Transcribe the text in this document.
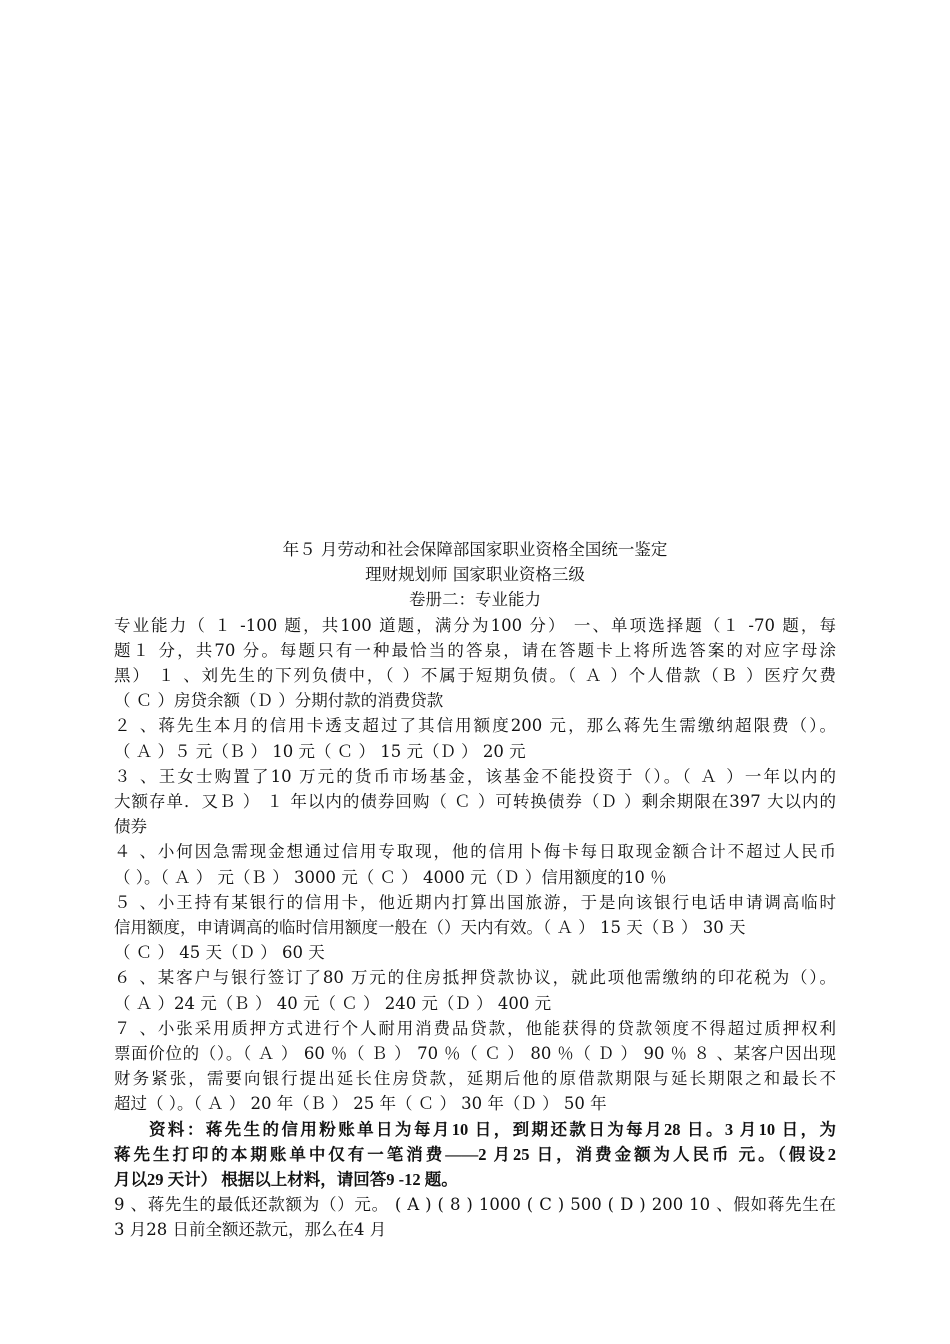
年５ 月劳动和社会保障部国家职业资格全国统一鉴定
理财规划师 国家职业资格三级
卷册二：专业能力
专业能力（ １ -100 题，共100 道题，满分为100 分） 一、单项选择题（１ -70 题，每
题１ 分，共70 分。每题只有一种最恰当的答泉，请在答题卡上将所选答案的对应字母涂
黑） １ 、刘先生的下列负债中，（ ）不属于短期负债。（ Ａ ）个人借款（Ｂ ）医疗欠费
（ Ｃ ）房贷余额（Ｄ ）分期付款的消费贷款
２ 、蒋先生本月的信用卡透支超过了其信用额度200 元，那么蒋先生需缴纳超限费（）。
（ Ａ ）５ 元（Ｂ ） 10 元（ Ｃ ） 15 元（Ｄ ） 20 元
３ 、王女士购置了10 万元的货币市场基金，该基金不能投资于（）。（ Ａ ）一年以内的
大额存单．又Ｂ ） １ 年以内的债券回购（ Ｃ ）可转换债券（Ｄ ）剩余期限在397 大以内的
债券
４ 、小何因急需现金想通过信用专取现，他的信用卜侮卡每日取现金额合计不超过人民币
（ ）。（ Ａ ） 元（Ｂ ） 3000 元（ Ｃ ） 4000 元（Ｄ ）信用额度的10 ％
５ 、小王持有某银行的信用卡，他近期内打算出国旅游，于是向该银行电话申请调高临时
信用额度，申请调高的临时信用额度一般在（）天内有效。（ Ａ ） 15 天（Ｂ ） 30 天
（ Ｃ ） 45 天（Ｄ ） 60 天
６ 、某客户与银行签订了80 万元的住房抵押贷款协议，就此项他需缴纳的印花税为（）。
（ Ａ ）24 元（Ｂ ） 40 元（ Ｃ ） 240 元（Ｄ ） 400 元
７ 、小张采用质押方式进行个人耐用消费品贷款，他能获得的贷款领度不得超过质押权利
票面价位的（）。（ Ａ ） 60 ％（ Ｂ ） 70 ％（ Ｃ ） 80 ％（ Ｄ ） 90 ％ ８ 、某客户因出现
财务紧张，需要向银行提出延长住房贷款，延期后他的原借款期限与延长期限之和最长不
超过（ ）。（ Ａ ） 20 年（Ｂ ） 25 年（ Ｃ ） 30 年（Ｄ ） 50 年
资料：蒋先生的信用粉账单日为每月10 日，到期还款日为每月28 日。3 月10 日，为
蒋先生打印的本期账单中仅有一笔消费——2 月25 日，消费金额为人民币 元。（假设2
月以29 天计） 根据以上材料，请回答9 -12 题。
9 、蒋先生的最低还款额为（）元。 ( A ) ( 8 ) 1000 ( C ) 500 ( D ) 200 10 、假如蒋先生在
3 月28 日前全额还款元，那么在4 月
